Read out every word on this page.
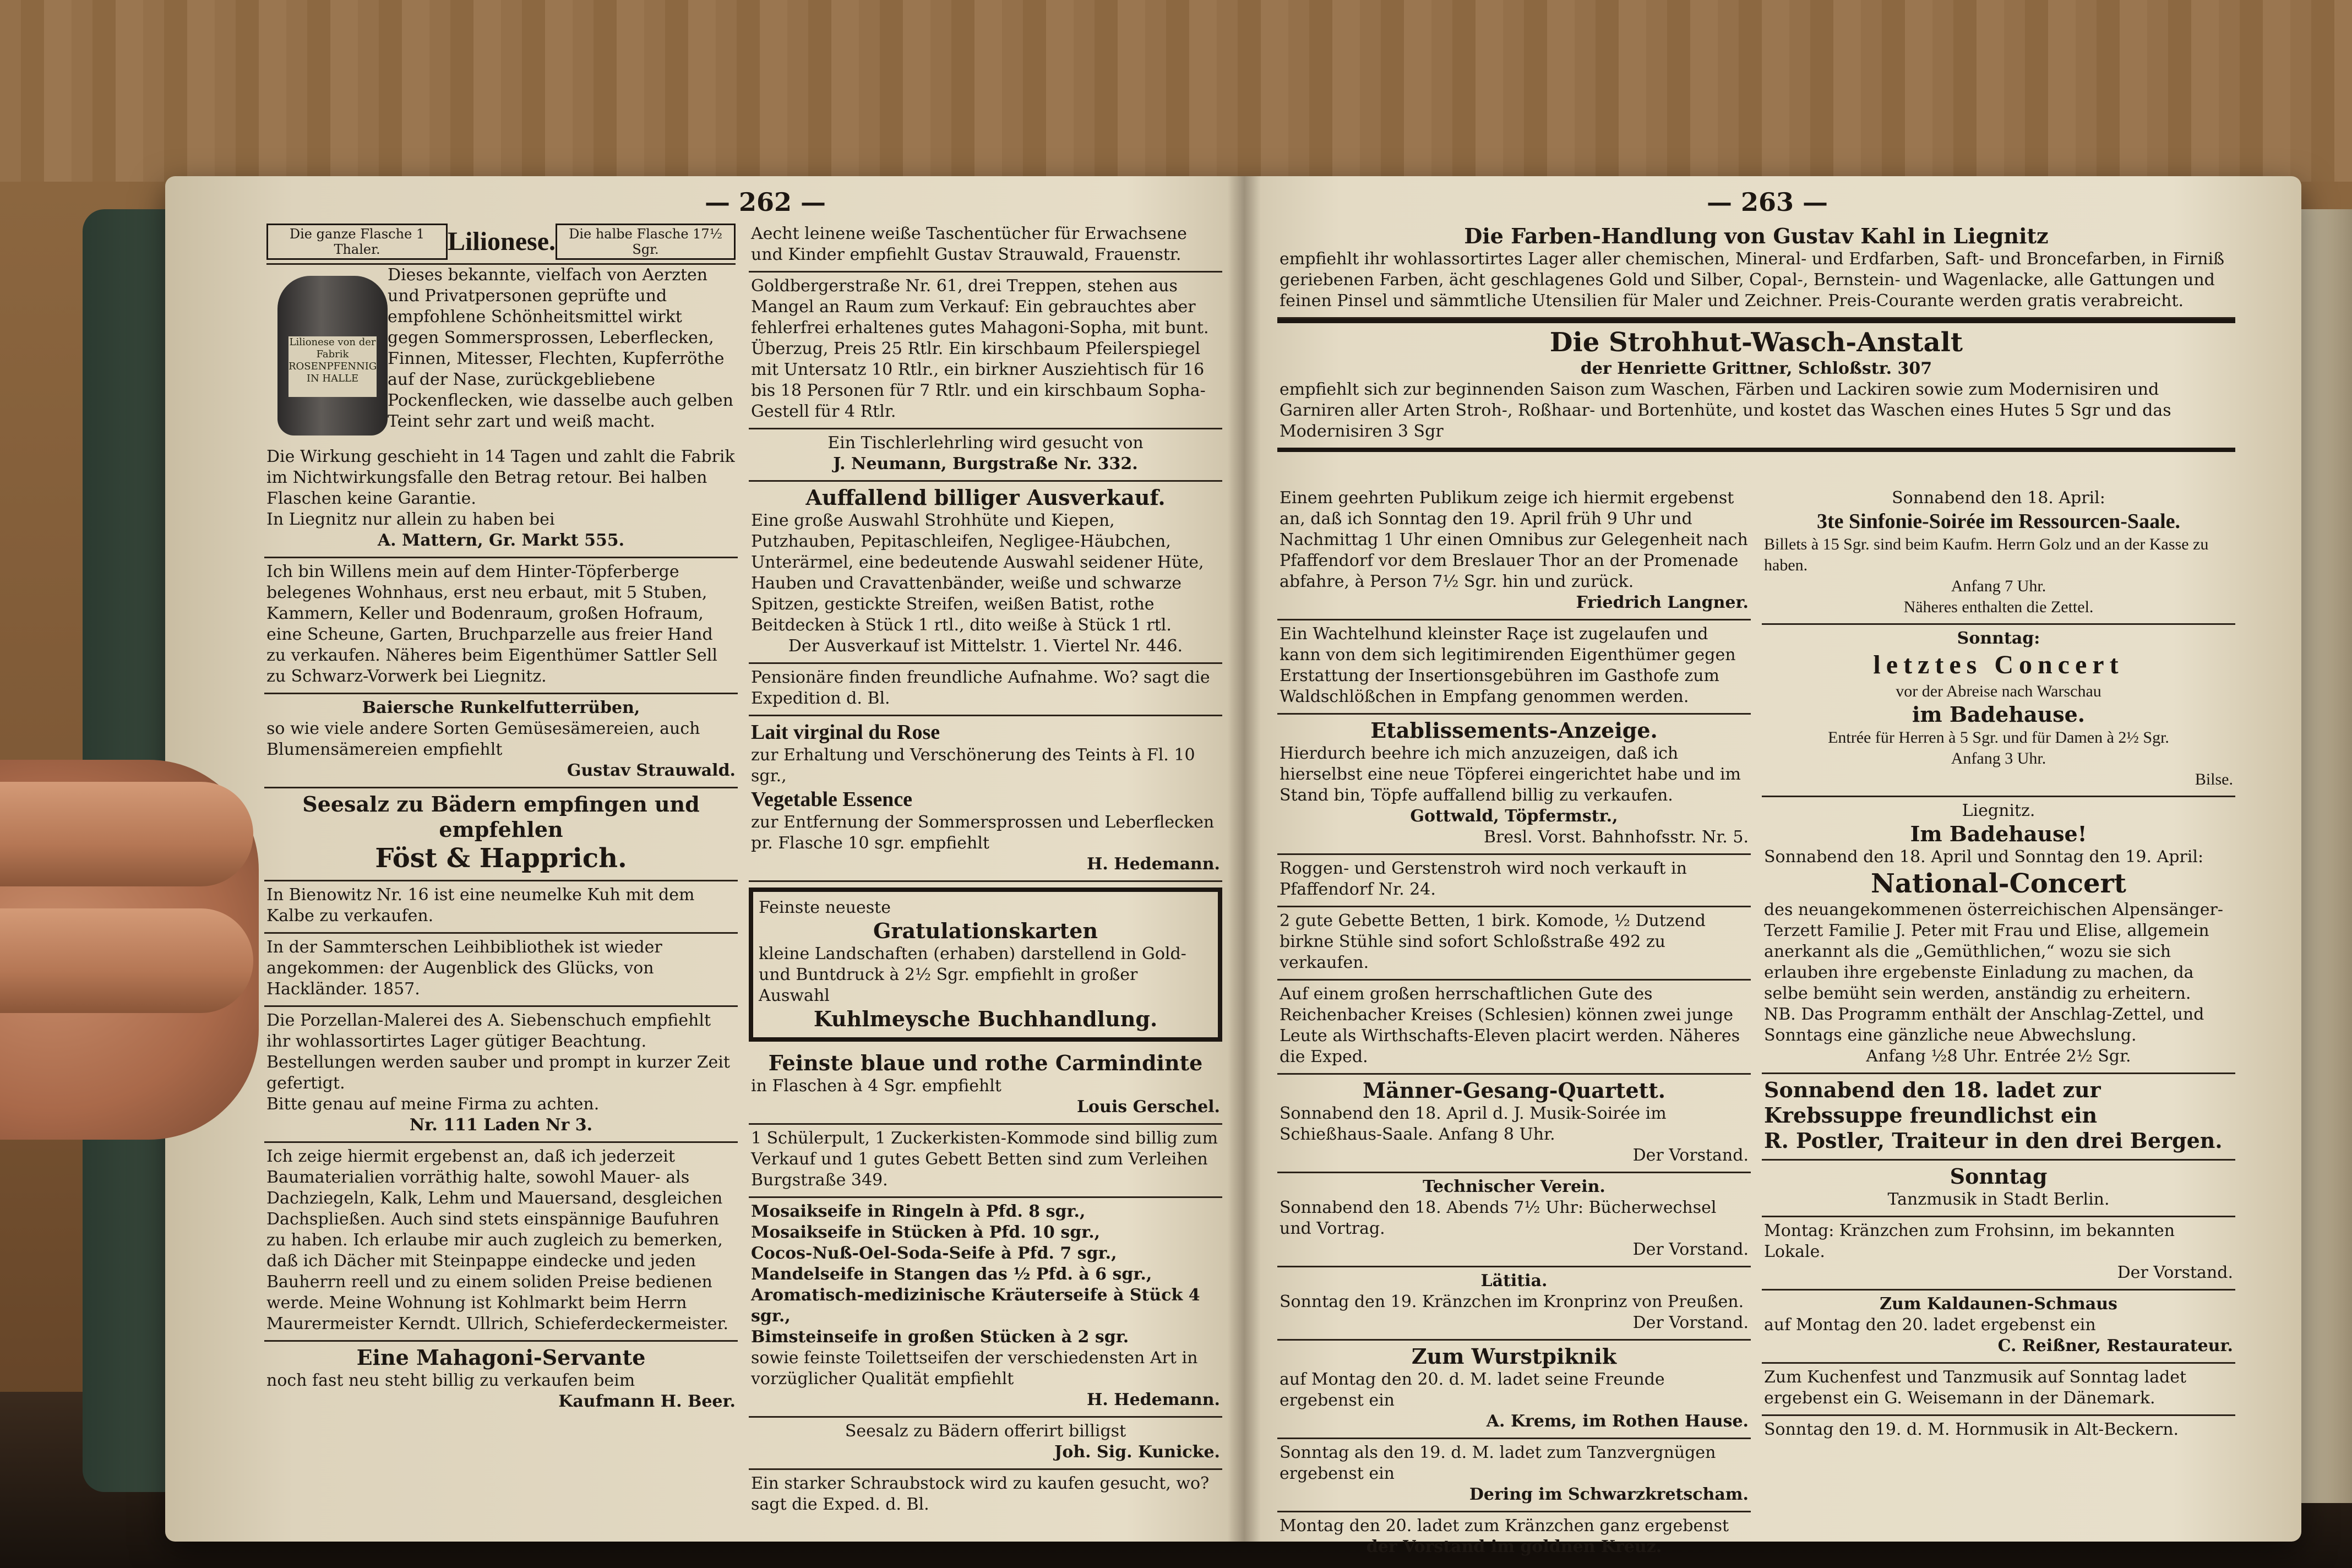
— 262 —
Die ganze Flasche 1 Thaler.	Lilionese.	Die halbe Flasche 17½ Sgr.
Lilionese von der Fabrik ROSENPFENNIG IN HALLE

Dieses bekannte, vielfach von Aerzten und Privatpersonen geprüfte und empfohlene Schönheitsmittel wirkt gegen Sommersprossen, Leberflecken, Finnen, Mitesser, Flechten, Kupferröthe auf der Nase, zurückgebliebene Pockenflecken, wie dasselbe auch gelben Teint sehr zart und weiß macht.

Die Wirkung geschieht in 14 Tagen und zahlt die Fabrik im Nichtwirkungsfalle den Betrag retour. Bei halben Flaschen keine Garantie.

In Liegnitz nur allein zu haben bei

A. Mattern, Gr. Markt 555.

Ich bin Willens mein auf dem Hinter-Töpferberge belegenes Wohnhaus, erst neu erbaut, mit 5 Stuben, Kammern, Keller und Bodenraum, großen Hofraum, eine Scheune, Garten, Bruchparzelle aus freier Hand zu verkaufen. Näheres beim Eigenthümer Sattler Sell zu Schwarz-Vorwerk bei Liegnitz.

Baiersche Runkelfutterrüben,

so wie viele andere Sorten Gemüsesämereien, auch Blumensämereien empfiehlt

Gustav Strauwald.

Seesalz zu Bädern empfingen und empfehlen

Föst & Happrich.

In Bienowitz Nr. 16 ist eine neumelke Kuh mit dem Kalbe zu verkaufen.

In der Sammterschen Leihbibliothek ist wieder angekommen: der Augenblick des Glücks, von Hackländer. 1857.

Die Porzellan-Malerei des A. Siebenschuch empfiehlt ihr wohlassortirtes Lager gütiger Beachtung. Bestellungen werden sauber und prompt in kurzer Zeit gefertigt.

Bitte genau auf meine Firma zu achten.

Nr. 111 Laden Nr 3.

Ich zeige hiermit ergebenst an, daß ich jederzeit Baumaterialien vorräthig halte, sowohl Mauer- als Dachziegeln, Kalk, Lehm und Mauersand, desgleichen Dachspließen. Auch sind stets einspännige Baufuhren zu haben. Ich erlaube mir auch zugleich zu bemerken, daß ich Dächer mit Steinpappe eindecke und jeden Bauherrn reell und zu einem soliden Preise bedienen werde. Meine Wohnung ist Kohlmarkt beim Herrn Maurermeister Kerndt. Ullrich, Schieferdeckermeister.

Eine Mahagoni-Servante

noch fast neu steht billig zu verkaufen beim

Kaufmann H. Beer.

Aecht leinene weiße Taschentücher für Erwachsene und Kinder empfiehlt Gustav Strauwald, Frauenstr.

Goldbergerstraße Nr. 61, drei Treppen, stehen aus Mangel an Raum zum Verkauf: Ein gebrauchtes aber fehlerfrei erhaltenes gutes Mahagoni-Sopha, mit bunt. Überzug, Preis 25 Rtlr. Ein kirschbaum Pfeilerspiegel mit Untersatz 10 Rtlr., ein birkner Ausziehtisch für 16 bis 18 Personen für 7 Rtlr. und ein kirschbaum Sopha-Gestell für 4 Rtlr.

Ein Tischlerlehrling wird gesucht von

J. Neumann, Burgstraße Nr. 332.

Auffallend billiger Ausverkauf.

Eine große Auswahl Strohhüte und Kiepen, Putzhauben, Pepitaschleifen, Negligee-Häubchen, Unterärmel, eine bedeutende Auswahl seidener Hüte, Hauben und Cravattenbänder, weiße und schwarze Spitzen, gestickte Streifen, weißen Batist, rothe Beitdecken à Stück 1 rtl., dito weiße à Stück 1 rtl.

Der Ausverkauf ist Mittelstr. 1. Viertel Nr. 446.

Pensionäre finden freundliche Aufnahme. Wo? sagt die Expedition d. Bl.

Lait virginal du Rose

zur Erhaltung und Verschönerung des Teints à Fl. 10 sgr.,

Vegetable Essence

zur Entfernung der Sommersprossen und Leberflecken pr. Flasche 10 sgr. empfiehlt

H. Hedemann.

Feinste neueste

Gratulationskarten

kleine Landschaften (erhaben) darstellend in Gold- und Buntdruck à 2½ Sgr. empfiehlt in großer Auswahl

Kuhlmeysche Buchhandlung.

Feinste blaue und rothe Carmindinte

in Flaschen à 4 Sgr. empfiehlt

Louis Gerschel.

1 Schülerpult, 1 Zuckerkisten-Kommode sind billig zum Verkauf und 1 gutes Gebett Betten sind zum Verleihen Burgstraße 349.

Mosaikseife in Ringeln à Pfd. 8 sgr.,

Mosaikseife in Stücken à Pfd. 10 sgr.,

Cocos-Nuß-Oel-Soda-Seife à Pfd. 7 sgr.,

Mandelseife in Stangen das ½ Pfd. à 6 sgr.,

Aromatisch-medizinische Kräuterseife à Stück 4 sgr.,

Bimsteinseife in großen Stücken à 2 sgr.

sowie feinste Toilettseifen der verschiedensten Art in vorzüglicher Qualität empfiehlt

H. Hedemann.

Seesalz zu Bädern offerirt billigst

Joh. Sig. Kunicke.

Ein starker Schraubstock wird zu kaufen gesucht, wo? sagt die Exped. d. Bl.

— 263 —

Die Farben-Handlung von Gustav Kahl in Liegnitz

empfiehlt ihr wohlassortirtes Lager aller chemischen, Mineral- und Erdfarben, Saft- und Broncefarben, in Firniß geriebenen Farben, ächt geschlagenes Gold und Silber, Copal-, Bernstein- und Wagenlacke, alle Gattungen und feinen Pinsel und sämmtliche Utensilien für Maler und Zeichner. Preis-Courante werden gratis verabreicht.

Die Strohhut-Wasch-Anstalt

der Henriette Grittner, Schloßstr. 307

empfiehlt sich zur beginnenden Saison zum Waschen, Färben und Lackiren sowie zum Modernisiren und Garniren aller Arten Stroh-, Roßhaar- und Bortenhüte, und kostet das Waschen eines Hutes 5 Sgr und das Modernisiren 3 Sgr

Einem geehrten Publikum zeige ich hiermit ergebenst an, daß ich Sonntag den 19. April früh 9 Uhr und Nachmittag 1 Uhr einen Omnibus zur Gelegenheit nach Pfaffendorf vor dem Breslauer Thor an der Promenade abfahre, à Person 7½ Sgr. hin und zurück.

Friedrich Langner.

Ein Wachtelhund kleinster Raçe ist zugelaufen und kann von dem sich legitimirenden Eigenthümer gegen Erstattung der Insertionsgebühren im Gasthofe zum Waldschlößchen in Empfang genommen werden.

Etablissements-Anzeige.

Hierdurch beehre ich mich anzuzeigen, daß ich hierselbst eine neue Töpferei eingerichtet habe und im Stand bin, Töpfe auffallend billig zu verkaufen.

Gottwald, Töpfermstr.,

Bresl. Vorst. Bahnhofsstr. Nr. 5.

Roggen- und Gerstenstroh wird noch verkauft in Pfaffendorf Nr. 24.

2 gute Gebette Betten, 1 birk. Komode, ½ Dutzend birkne Stühle sind sofort Schloßstraße 492 zu verkaufen.

Auf einem großen herrschaftlichen Gute des Reichenbacher Kreises (Schlesien) können zwei junge Leute als Wirthschafts-Eleven placirt werden. Näheres die Exped.

Männer-Gesang-Quartett.

Sonnabend den 18. April d. J. Musik-Soirée im Schießhaus-Saale. Anfang 8 Uhr.

Der Vorstand.

Technischer Verein.

Sonnabend den 18. Abends 7½ Uhr: Bücherwechsel und Vortrag.

Der Vorstand.

Lätitia.

Sonntag den 19. Kränzchen im Kronprinz von Preußen.

Der Vorstand.

Zum Wurstpiknik

auf Montag den 20. d. M. ladet seine Freunde ergebenst ein

A. Krems, im Rothen Hause.

Sonntag als den 19. d. M. ladet zum Tanzvergnügen ergebenst ein

Dering im Schwarzkretscham.

Montag den 20. ladet zum Kränzchen ganz ergebenst

der Vorstand im goldnen Kreuz.

Sonnabend den 18. April:

3te Sinfonie-Soirée im Ressourcen-Saale.

Billets à 15 Sgr. sind beim Kaufm. Herrn Golz und an der Kasse zu haben.

Anfang 7 Uhr.

Näheres enthalten die Zettel.

Sonntag:

letztes Concert

vor der Abreise nach Warschau

im Badehause.

Entrée für Herren à 5 Sgr. und für Damen à 2½ Sgr.

Anfang 3 Uhr.

Bilse.

Liegnitz.

Im Badehause!

Sonnabend den 18. April und Sonntag den 19. April:

National-Concert

des neuangekommenen österreichischen Alpensänger-Terzett Familie J. Peter mit Frau und Elise, allgemein anerkannt als die „Gemüthlichen,“ wozu sie sich erlauben ihre ergebenste Einladung zu machen, da selbe bemüht sein werden, anständig zu erheitern.

NB. Das Programm enthält der Anschlag-Zettel, und Sonntags eine gänzliche neue Abwechslung.

Anfang ½8 Uhr. Entrée 2½ Sgr.

Sonnabend den 18. ladet zur Krebssuppe freundlichst ein

R. Postler, Traiteur in den drei Bergen.

Sonntag

Tanzmusik in Stadt Berlin.

Montag: Kränzchen zum Frohsinn, im bekannten Lokale.

Der Vorstand.

Zum Kaldaunen-Schmaus

auf Montag den 20. ladet ergebenst ein

C. Reißner, Restaurateur.

Zum Kuchenfest und Tanzmusik auf Sonntag ladet ergebenst ein G. Weisemann in der Dänemark.

Sonntag den 19. d. M. Hornmusik in Alt-Beckern.
